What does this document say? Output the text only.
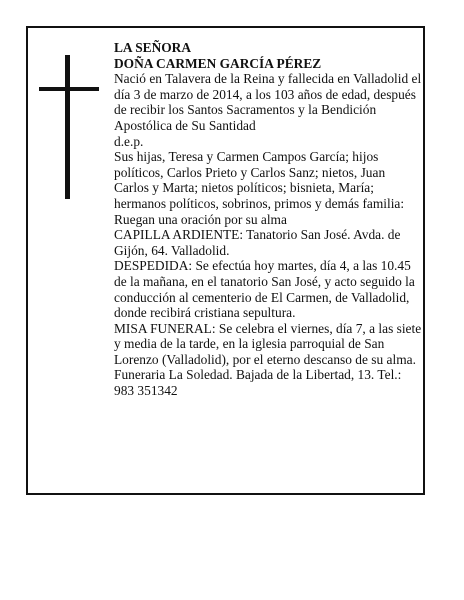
LA SEÑORA

DOÑA CARMEN GARCÍA PÉREZ

Nació en Talavera de la Reina y fallecida en Valladolid el día 3 de marzo de 2014, a los 103 años de edad, después de recibir los Santos Sacramentos y la Bendición Apostólica de Su Santidad

d.e.p.

Sus hijas, Teresa y Carmen Campos García; hijos políticos, Carlos Prieto y Carlos Sanz; nietos, Juan Carlos y Marta; nietos políticos; bisnieta, María; hermanos políticos, sobrinos, primos y demás familia:

Ruegan una oración por su alma

CAPILLA ARDIENTE: Tanatorio San José. Avda. de Gijón, 64. Valladolid.

DESPEDIDA: Se efectúa hoy martes, día 4, a las 10.45 de la mañana, en el tanatorio San José, y acto seguido la conducción al cementerio de El Carmen, de Valladolid, donde recibirá cristiana sepultura.

MISA FUNERAL: Se celebra el viernes, día 7, a las siete y media de la tarde, en la iglesia parroquial de San Lorenzo (Valladolid), por el eterno descanso de su alma.

Funeraria La Soledad. Bajada de la Libertad, 13. Tel.: 983 351342
